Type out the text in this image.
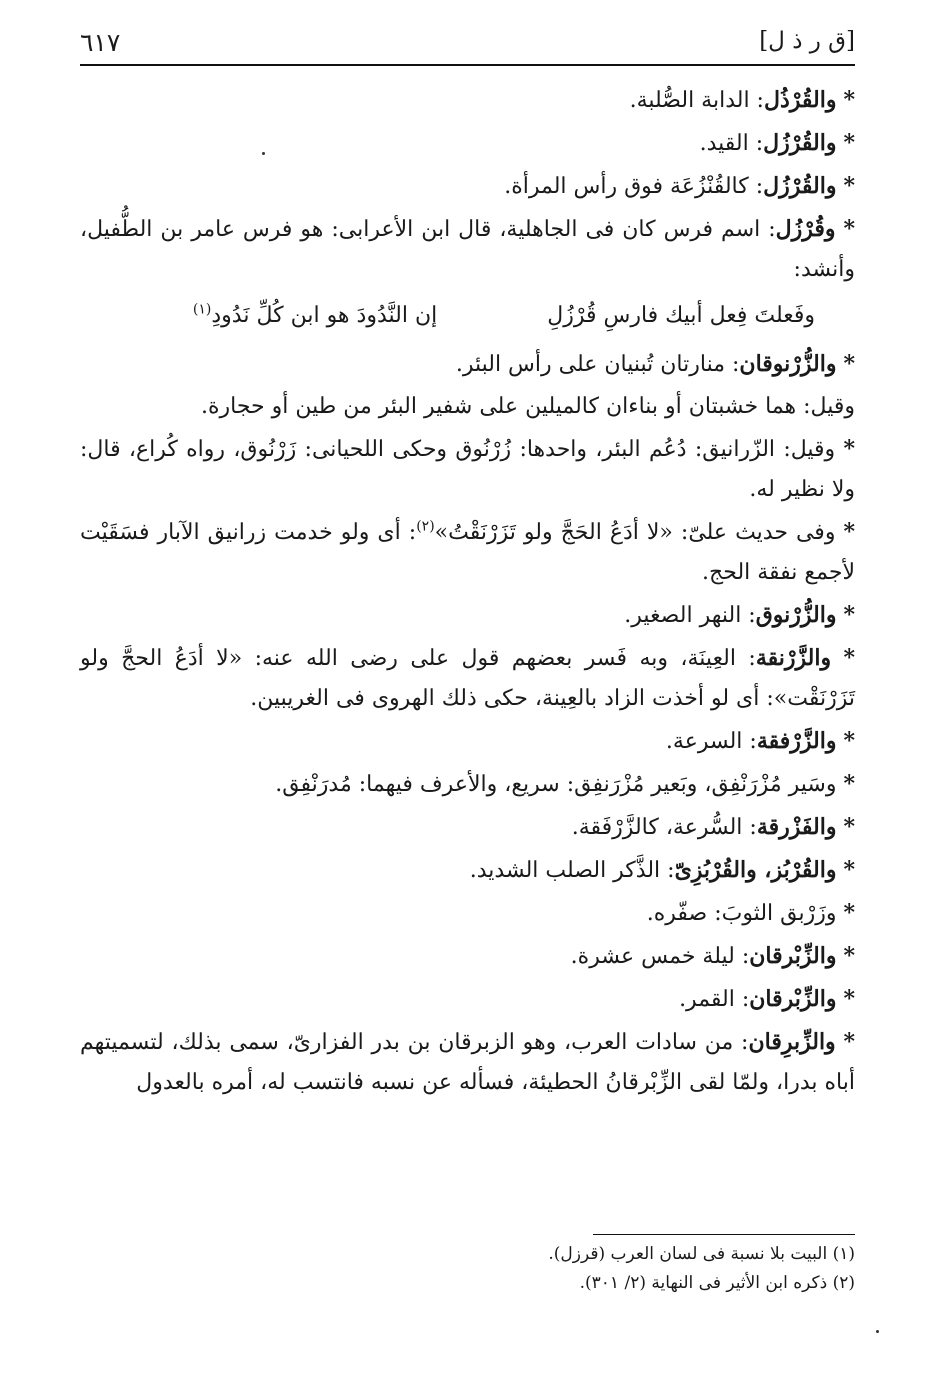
٦١٧	[ق ر ذ ل]

* والقُرْذُل: الدابة الصُّلبة.

* والقُرْزُل: القيد.

* والقُرْزُل: كالقُنْزُعَة فوق رأس المرأة.

* وقُرْزُل: اسم فرس كان فى الجاهلية، قال ابن الأعرابى: هو فرس عامر بن الطُّفيل، وأنشد:

وفَعلتَ فِعل أبيك فارسِ قُرْزُلِ
إن النَّدُودَ هو ابن كُلِّ نَدُودِ$^{(١)}$

* والزُّرْنوقان: منارتان تُبنيان على رأس البئر.

وقيل: هما خشبتان أو بناءان كالميلين على شفير البئر من طين أو حجارة.

* وقيل: الزّرانيق: دُعُم البئر، واحدها: زُرْنُوق وحكى اللحيانى: زَرْنُوق، رواه كُراع، قال: ولا نظير له.

* وفى حديث علىّ: «لا أدَعُ الحَجَّ ولو تَزَرْنَقْتُ»$^{(٢)}$: أى ولو خدمت زرانيق الآبار فسَقَيْت لأجمع نفقة الحج.

* والزُّرْنوق: النهر الصغير.

* والزَّرْنقة: العِينَة، وبه فَسر بعضهم قول على رضى الله عنه: «لا أدَعُ الحجَّ ولو تَزَرْنَقْت»: أى لو أخذت الزاد بالعِينة، حكى ذلك الهروى فى الغريبين.

* والزَّرْفقة: السرعة.

* وسَير مُزْرَنْفِق، وبَعير مُزْرَنفِق: سريع، والأعرف فيهما: مُدرَنْفِق.

* والفَزْرقة: السُّرعة، كالزَّرْفَقة.

* والقُرْبُز، والقُرْبُزِىّ: الذَّكر الصلب الشديد.

* وزَرْبق الثوبَ: صفّره.

* والزِّبْرقان: ليلة خمس عشرة.

* والزِّبْرقان: القمر.

* والزِّبرِقان: من سادات العرب، وهو الزبرقان بن بدر الفزارىّ، سمى بذلك، لتسميتهم أباه بدرا، ولمّا لقى الزِّبْرقانُ الحطيئة، فسأله عن نسبه فانتسب له، أمره بالعدول

(١) البيت بلا نسبة فى لسان العرب (قرزل).

(٢) ذكره ابن الأثير فى النهاية (٢/ ٣٠١).
